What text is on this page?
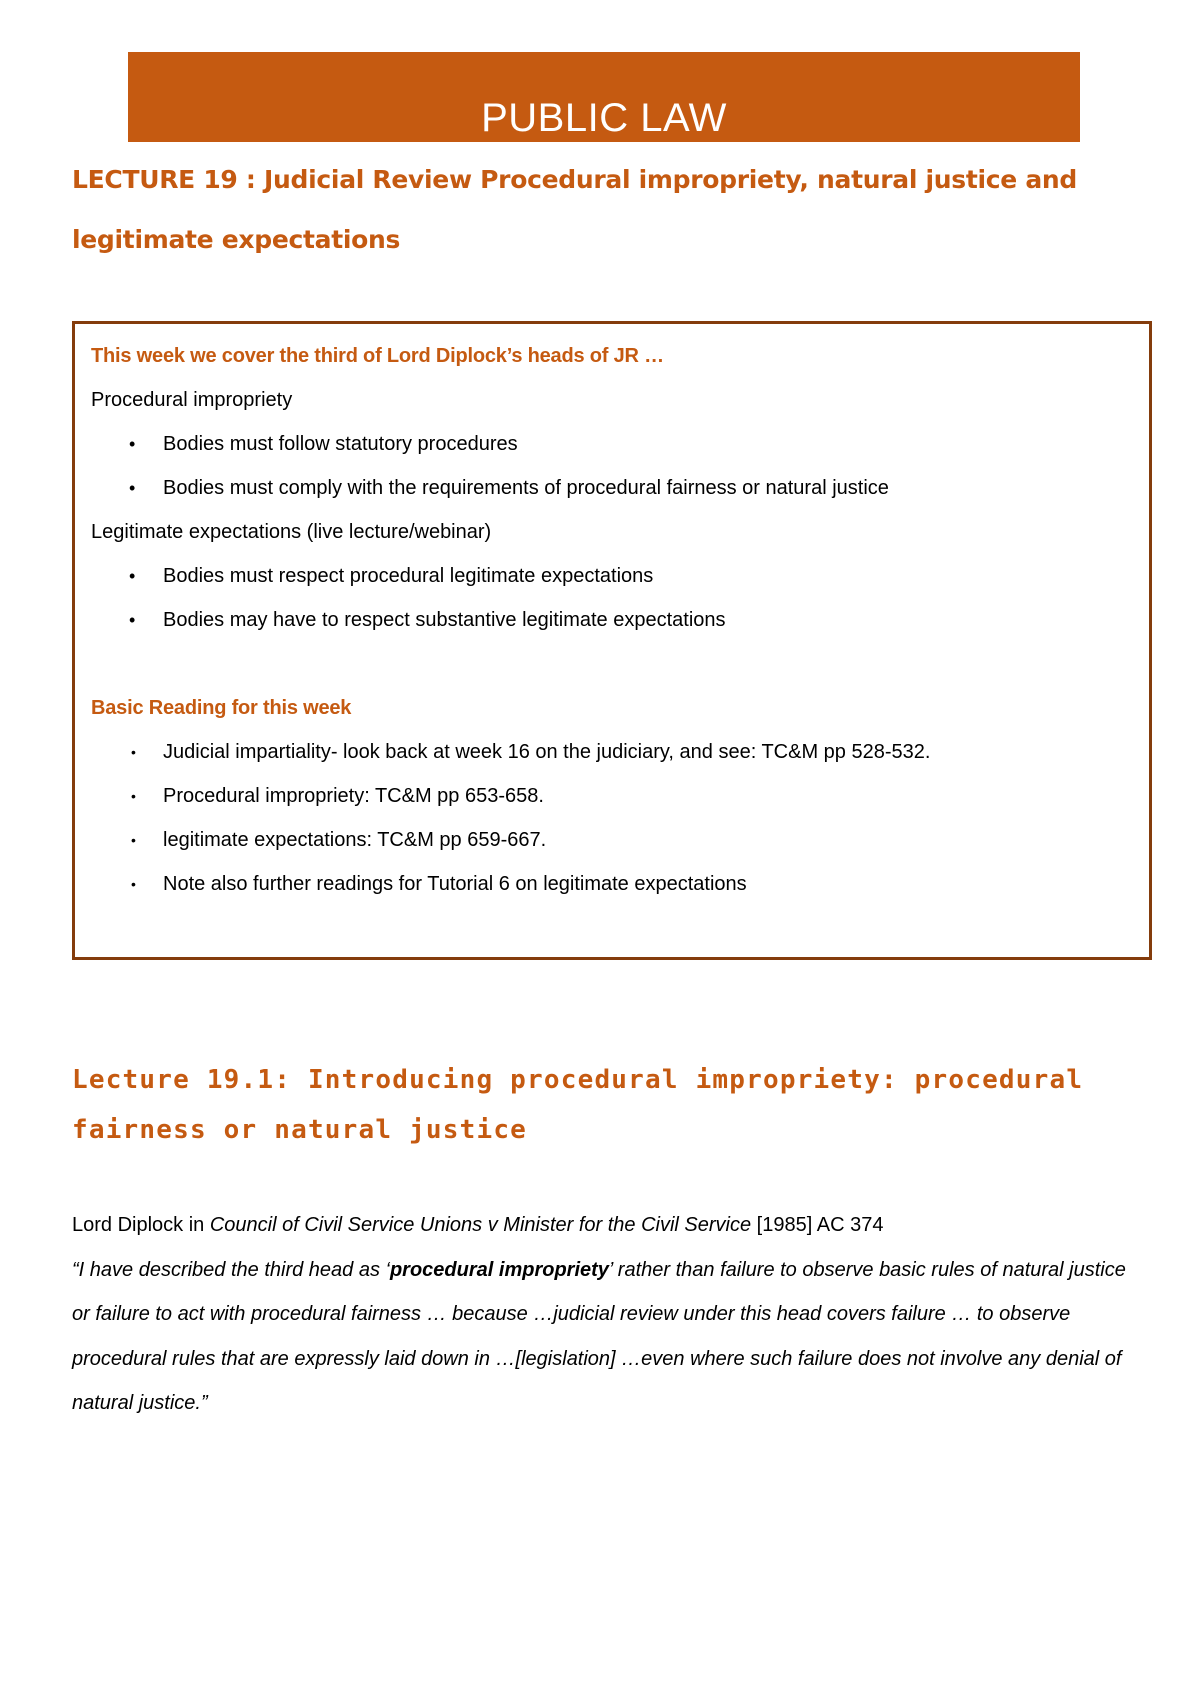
PUBLIC LAW
LECTURE 19 : Judicial Review Procedural impropriety, natural justice and legitimate expectations

This week we cover the third of Lord Diplock’s heads of JR …

Procedural impropriety

• Bodies must follow statutory procedures
• Bodies must comply with the requirements of procedural fairness or natural justice

Legitimate expectations (live lecture/webinar)

• Bodies must respect procedural legitimate expectations
• Bodies may have to respect substantive legitimate expectations

Basic Reading for this week

• Judicial impartiality- look back at week 16 on the judiciary, and see: TC&M pp 528-532.
• Procedural impropriety: TC&M pp 653-658.
• legitimate expectations: TC&M pp 659-667.
• Note also further readings for Tutorial 6 on legitimate expectations
Lecture 19.1: Introducing procedural impropriety: procedural fairness or natural justice

Lord Diplock in Council of Civil Service Unions v Minister for the Civil Service [1985] AC 374
“I have described the third head as ‘procedural impropriety’ rather than failure to observe basic rules of natural justice or failure to act with procedural fairness … because …judicial review under this head covers failure … to observe procedural rules that are expressly laid down in …[legislation] …even where such failure does not involve any denial of natural justice.”
